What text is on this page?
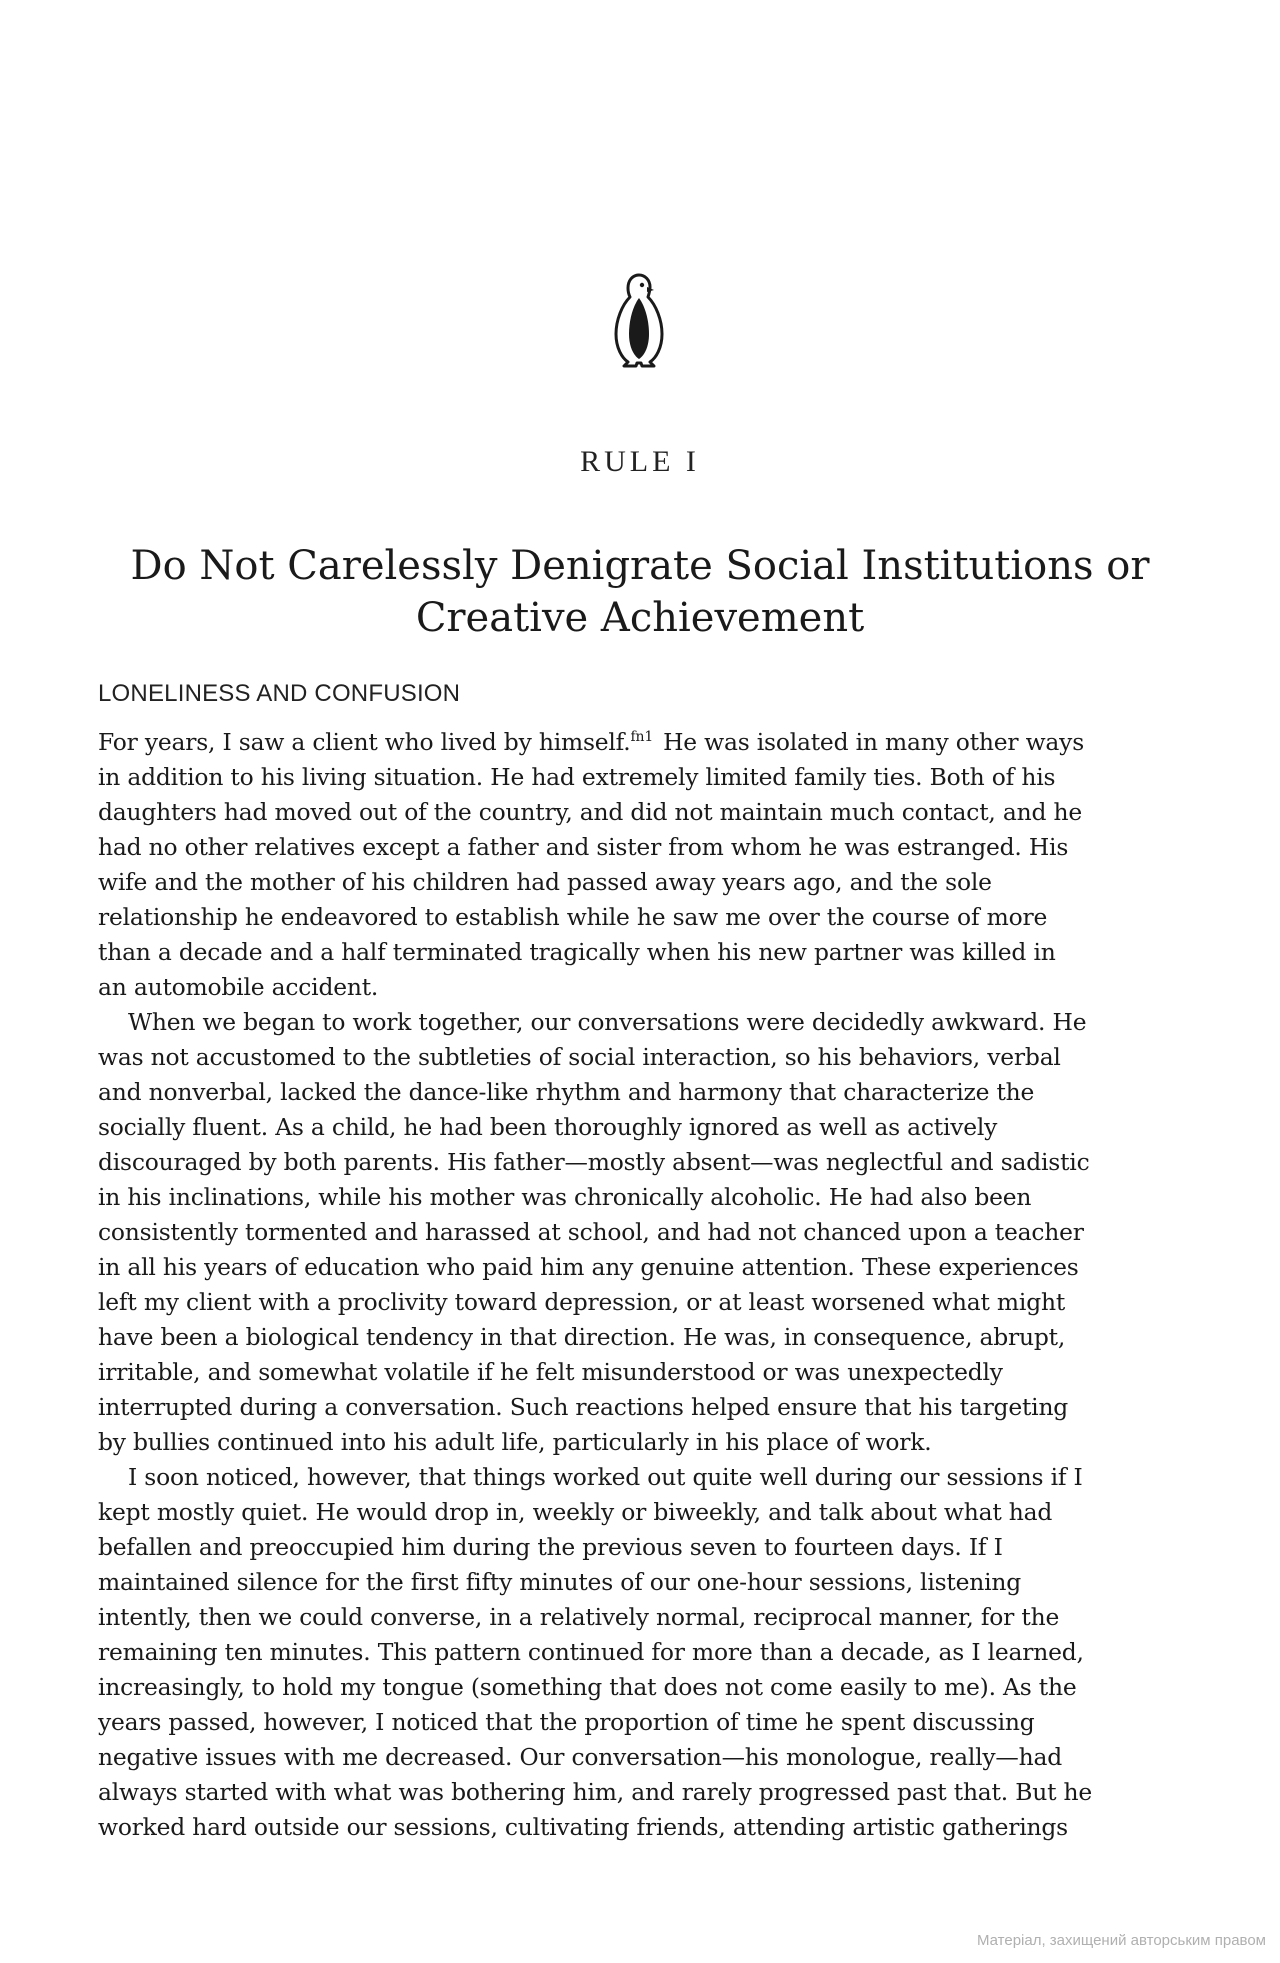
RULE I
Do Not Carelessly Denigrate Social Institutions or
Creative Achievement
LONELINESS AND CONFUSION
For years, I saw a client who lived by himself.$^{fn1}$ He was isolated in many other ways
in addition to his living situation. He had extremely limited family ties. Both of his
daughters had moved out of the country, and did not maintain much contact, and he
had no other relatives except a father and sister from whom he was estranged. His
wife and the mother of his children had passed away years ago, and the sole
relationship he endeavored to establish while he saw me over the course of more
than a decade and a half terminated tragically when his new partner was killed in
an automobile accident.
When we began to work together, our conversations were decidedly awkward. He
was not accustomed to the subtleties of social interaction, so his behaviors, verbal
and nonverbal, lacked the dance-like rhythm and harmony that characterize the
socially fluent. As a child, he had been thoroughly ignored as well as actively
discouraged by both parents. His father—mostly absent—was neglectful and sadistic
in his inclinations, while his mother was chronically alcoholic. He had also been
consistently tormented and harassed at school, and had not chanced upon a teacher
in all his years of education who paid him any genuine attention. These experiences
left my client with a proclivity toward depression, or at least worsened what might
have been a biological tendency in that direction. He was, in consequence, abrupt,
irritable, and somewhat volatile if he felt misunderstood or was unexpectedly
interrupted during a conversation. Such reactions helped ensure that his targeting
by bullies continued into his adult life, particularly in his place of work.
I soon noticed, however, that things worked out quite well during our sessions if I
kept mostly quiet. He would drop in, weekly or biweekly, and talk about what had
befallen and preoccupied him during the previous seven to fourteen days. If I
maintained silence for the first fifty minutes of our one-hour sessions, listening
intently, then we could converse, in a relatively normal, reciprocal manner, for the
remaining ten minutes. This pattern continued for more than a decade, as I learned,
increasingly, to hold my tongue (something that does not come easily to me). As the
years passed, however, I noticed that the proportion of time he spent discussing
negative issues with me decreased. Our conversation—his monologue, really—had
always started with what was bothering him, and rarely progressed past that. But he
worked hard outside our sessions, cultivating friends, attending artistic gatherings
Матеріал, захищений авторським правом
